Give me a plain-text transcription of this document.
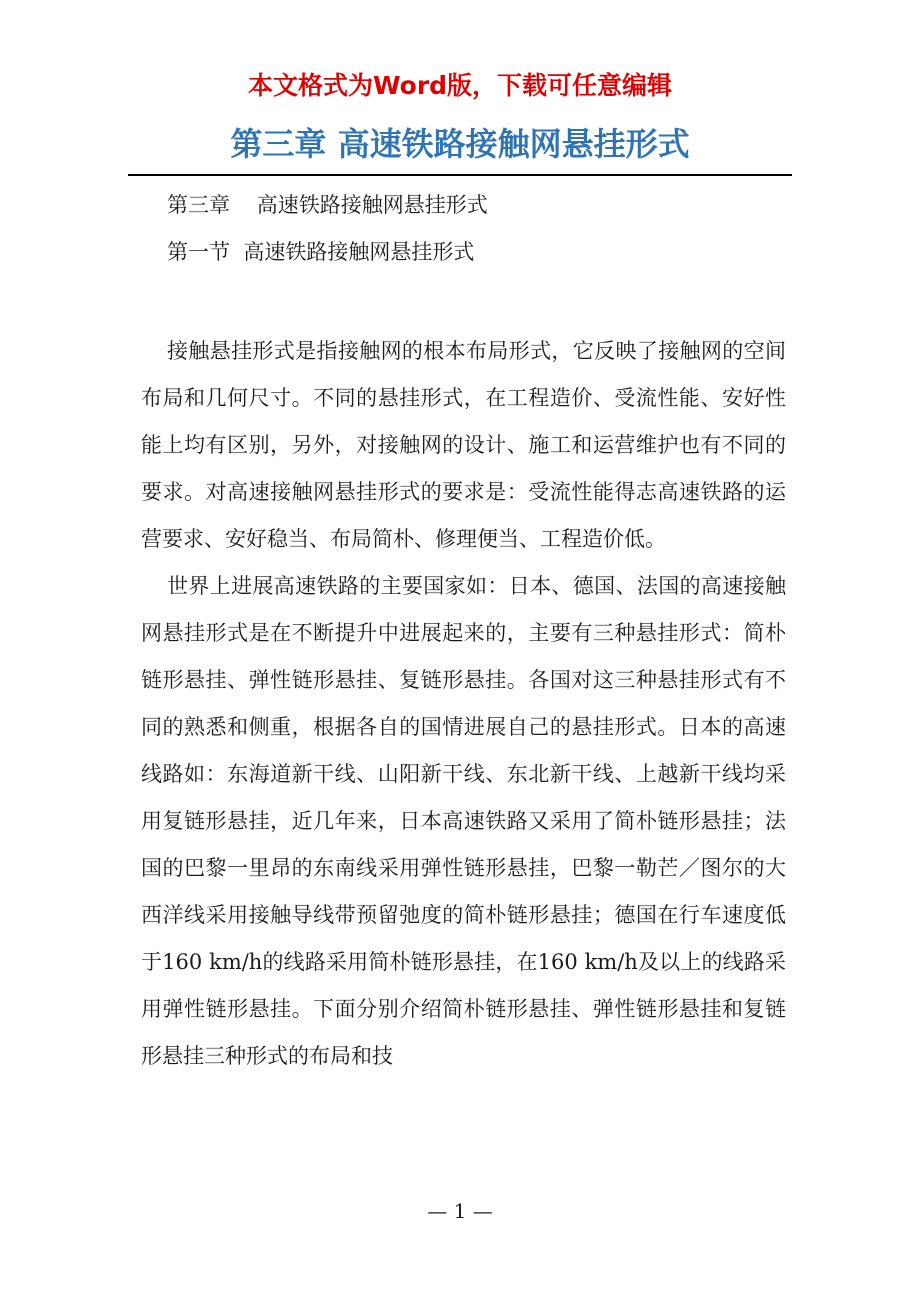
本文格式为Word版，下载可任意编辑
第三章 高速铁路接触网悬挂形式
第三章    高速铁路接触网悬挂形式
第一节  高速铁路接触网悬挂形式

接触悬挂形式是指接触网的根本布局形式，它反映了接触网的空间布局和几何尺寸。不同的悬挂形式，在工程造价、受流性能、安好性能上均有区别，另外，对接触网的设计、施工和运营维护也有不同的要求。对高速接触网悬挂形式的要求是：受流性能得志高速铁路的运营要求、安好稳当、布局简朴、修理便当、工程造价低。

世界上进展高速铁路的主要国家如：日本、德国、法国的高速接触网悬挂形式是在不断提升中进展起来的，主要有三种悬挂形式：简朴链形悬挂、弹性链形悬挂、复链形悬挂。各国对这三种悬挂形式有不同的熟悉和侧重，根据各自的国情进展自己的悬挂形式。日本的高速线路如：东海道新干线、山阳新干线、东北新干线、上越新干线均采用复链形悬挂，近几年来，日本高速铁路又采用了简朴链形悬挂；法国的巴黎一里昂的东南线采用弹性链形悬挂，巴黎一勒芒／图尔的大西洋线采用接触导线带预留弛度的简朴链形悬挂；德国在行车速度低于160 km/h的线路采用简朴链形悬挂，在160 km/h及以上的线路采用弹性链形悬挂。下面分别介绍简朴链形悬挂、弹性链形悬挂和复链形悬挂三种形式的布局和技

— 1 —
